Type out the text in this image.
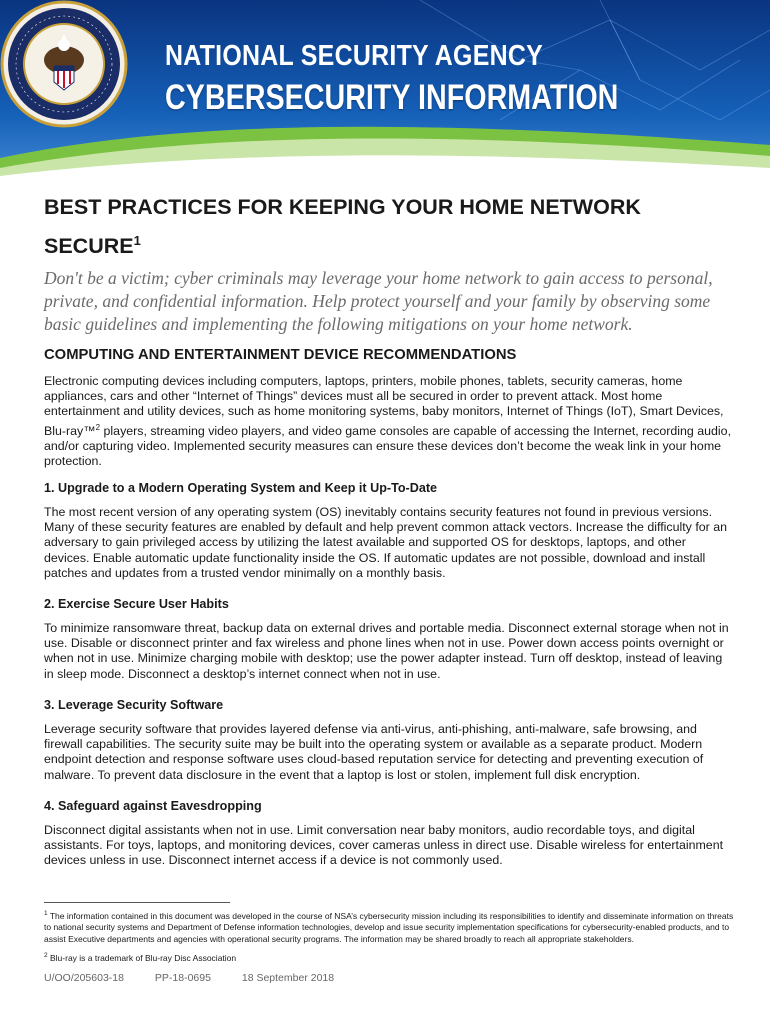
NATIONAL SECURITY AGENCY
CYBERSECURITY INFORMATION
BEST PRACTICES FOR KEEPING YOUR HOME NETWORK SECURE$^1$
Don't be a victim; cyber criminals may leverage your home network to gain access to personal, private, and confidential information. Help protect yourself and your family by observing some basic guidelines and implementing the following mitigations on your home network.
COMPUTING AND ENTERTAINMENT DEVICE RECOMMENDATIONS
Electronic computing devices including computers, laptops, printers, mobile phones, tablets, security cameras, home appliances, cars and other “Internet of Things” devices must all be secured in order to prevent attack. Most home entertainment and utility devices, such as home monitoring systems, baby monitors, Internet of Things (IoT), Smart Devices, Blu-ray™$^2$ players, streaming video players, and video game consoles are capable of accessing the Internet, recording audio, and/or capturing video. Implemented security measures can ensure these devices don’t become the weak link in your home protection.
1. Upgrade to a Modern Operating System and Keep it Up-To-Date
The most recent version of any operating system (OS) inevitably contains security features not found in previous versions. Many of these security features are enabled by default and help prevent common attack vectors. Increase the difficulty for an adversary to gain privileged access by utilizing the latest available and supported OS for desktops, laptops, and other devices. Enable automatic update functionality inside the OS. If automatic updates are not possible, download and install patches and updates from a trusted vendor minimally on a monthly basis.
2. Exercise Secure User Habits
To minimize ransomware threat, backup data on external drives and portable media. Disconnect external storage when not in use. Disable or disconnect printer and fax wireless and phone lines when not in use. Power down access points overnight or when not in use. Minimize charging mobile with desktop; use the power adapter instead. Turn off desktop, instead of leaving in sleep mode. Disconnect a desktop’s internet connect when not in use.
3. Leverage Security Software
Leverage security software that provides layered defense via anti-virus, anti-phishing, anti-malware, safe browsing, and firewall capabilities. The security suite may be built into the operating system or available as a separate product. Modern endpoint detection and response software uses cloud-based reputation service for detecting and preventing execution of malware. To prevent data disclosure in the event that a laptop is lost or stolen, implement full disk encryption.
4. Safeguard against Eavesdropping
Disconnect digital assistants when not in use. Limit conversation near baby monitors, audio recordable toys, and digital assistants. For toys, laptops, and monitoring devices, cover cameras unless in direct use. Disable wireless for entertainment devices unless in use. Disconnect internet access if a device is not commonly used.
$^1$ The information contained in this document was developed in the course of NSA’s cybersecurity mission including its responsibilities to identify and disseminate information on threats to national security systems and Department of Defense information technologies, develop and issue security implementation specifications for cybersecurity-enabled products, and to assist Executive departments and agencies with operational security programs. The information may be shared broadly to reach all appropriate stakeholders.
$^2$ Blu-ray is a trademark of Blu-ray Disc Association
U/OO/205603-18	PP-18-0695	18 September 2018
